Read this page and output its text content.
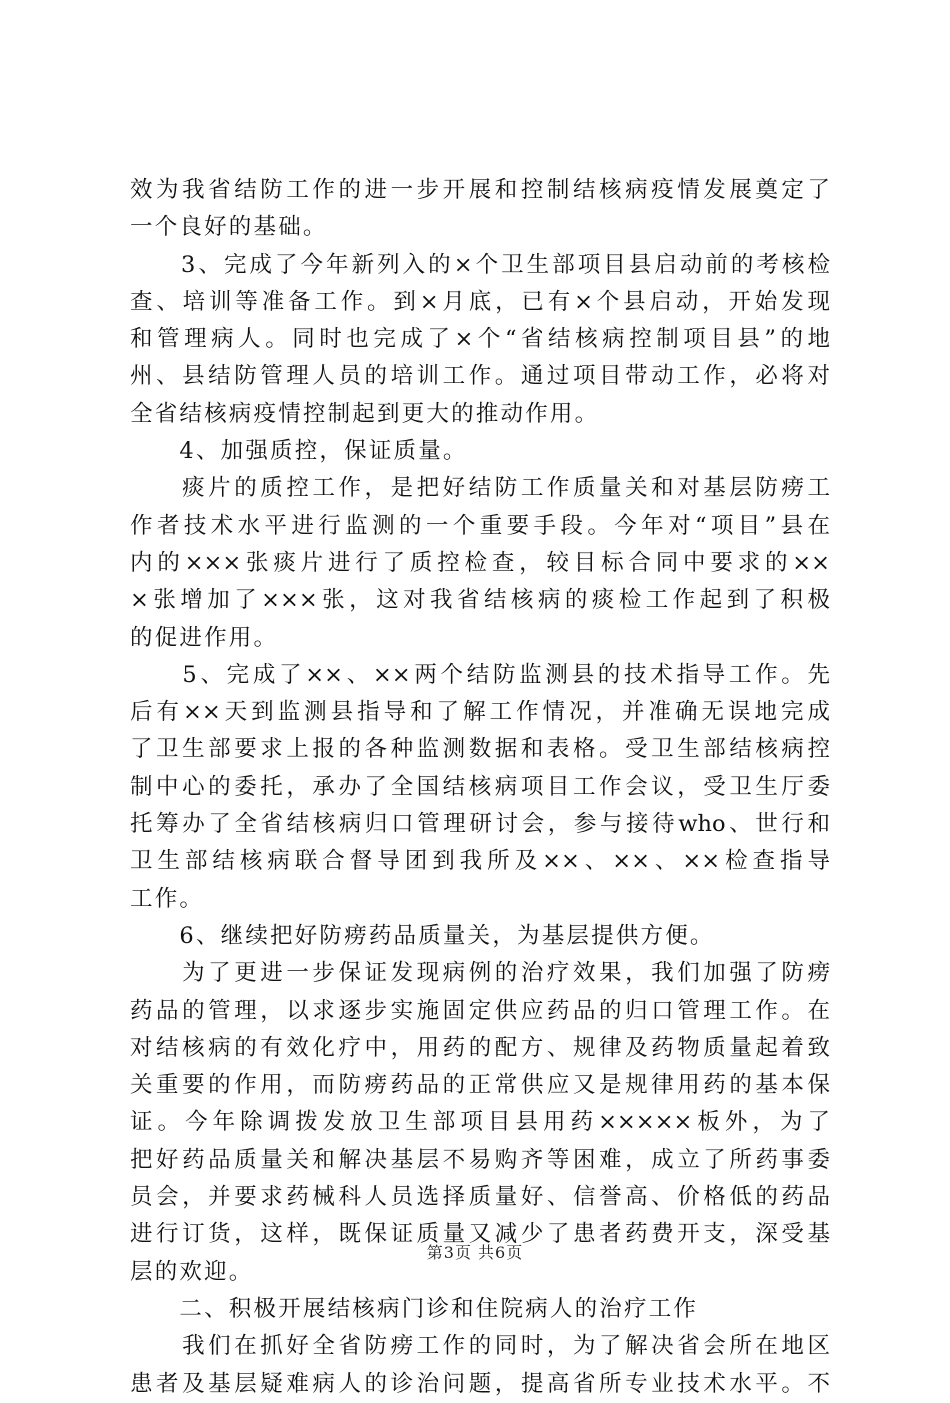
效为我省结防工作的进一步开展和控制结核病疫情发展奠定了
一个良好的基础。
　　3、完成了今年新列入的×个卫生部项目县启动前的考核检
查、培训等准备工作。到×月底，已有×个县启动，开始发现
和管理病人。同时也完成了×个“省结核病控制项目县”的地
州、县结防管理人员的培训工作。通过项目带动工作，必将对
全省结核病疫情控制起到更大的推动作用。
　　4、加强质控，保证质量。
　　痰片的质控工作，是把好结防工作质量关和对基层防痨工
作者技术水平进行监测的一个重要手段。今年对“项目”县在
内的×××张痰片进行了质控检查，较目标合同中要求的××
×张增加了×××张，这对我省结核病的痰检工作起到了积极
的促进作用。
　　5、完成了××、××两个结防监测县的技术指导工作。先
后有××天到监测县指导和了解工作情况，并准确无误地完成
了卫生部要求上报的各种监测数据和表格。受卫生部结核病控
制中心的委托，承办了全国结核病项目工作会议，受卫生厅委
托筹办了全省结核病归口管理研讨会，参与接待who、世行和
卫生部结核病联合督导团到我所及××、××、××检查指导
工作。
　　6、继续把好防痨药品质量关，为基层提供方便。
　　为了更进一步保证发现病例的治疗效果，我们加强了防痨
药品的管理，以求逐步实施固定供应药品的归口管理工作。在
对结核病的有效化疗中，用药的配方、规律及药物质量起着致
关重要的作用，而防痨药品的正常供应又是规律用药的基本保
证。今年除调拨发放卫生部项目县用药×××××板外，为了
把好药品质量关和解决基层不易购齐等困难，成立了所药事委
员会，并要求药械科人员选择质量好、信誉高、价格低的药品
进行订货，这样，既保证质量又减少了患者药费开支，深受基
层的欢迎。
　　二、积极开展结核病门诊和住院病人的治疗工作
　　我们在抓好全省防痨工作的同时，为了解决省会所在地区
患者及基层疑难病人的诊治问题，提高省所专业技术水平。不
第3页 共6页
